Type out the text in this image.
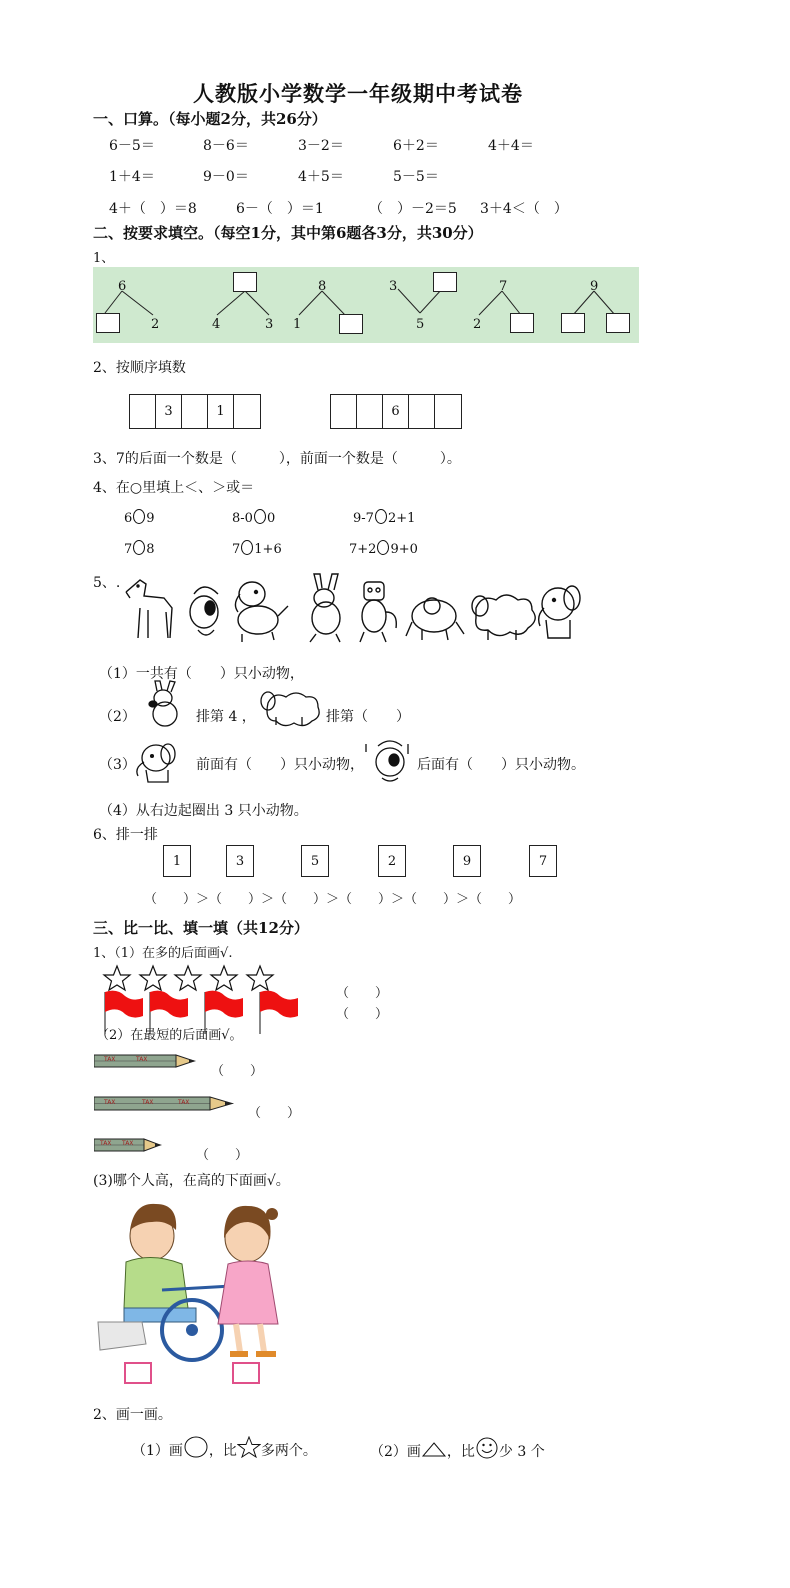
人教版小学数学一年级期中考试卷
一、口算。（每小题2分，共26分）
6－5＝	8－6＝	3－2＝	6＋2＝	4＋4＝
1＋4＝	9－0＝	4＋5＝	5－5＝
4＋（　）＝8	6－（　）＝1	（　）－2＝5 3＋4＜（　）
二、按要求填空。（每空1分，其中第6题各3分，共30分）
1、
6
2	4	3
8
1
3
5
7
2
9
2、按顺序填数
3	1	6
3、7的后面一个数是（　　　），前面一个数是（　　　）。
4、在○里填上＜、＞或＝
6 9	8-0 0	9-7 2+1
7 8	7 1+6	7+2 9+0
5、.
（1）一共有（　　）只小动物，
（2）	排第 4 ，	排第（　　）
（3）	前面有（　　）只小动物，	后面有（　　）只小动物。
（4）从右边起圈出 3 只小动物。
6、排一排
1	3	5	2	9	7
（　　）＞（　　）＞（　　）＞（　　）＞（　　）＞（　　）
三、比一比、填一填（共12分）
1、（1）在多的后面画√.
（　　）
（　　）
（2）在最短的后面画√。
TAX	TAX
（　　）
TAX	TAX	TAX
（　　）
TAX TAX
（　　）
(3)哪个人高，在高的下面画√。
2、画一画。
（1）画 ，比 多两个。	（2）画 ，比 少 3 个
